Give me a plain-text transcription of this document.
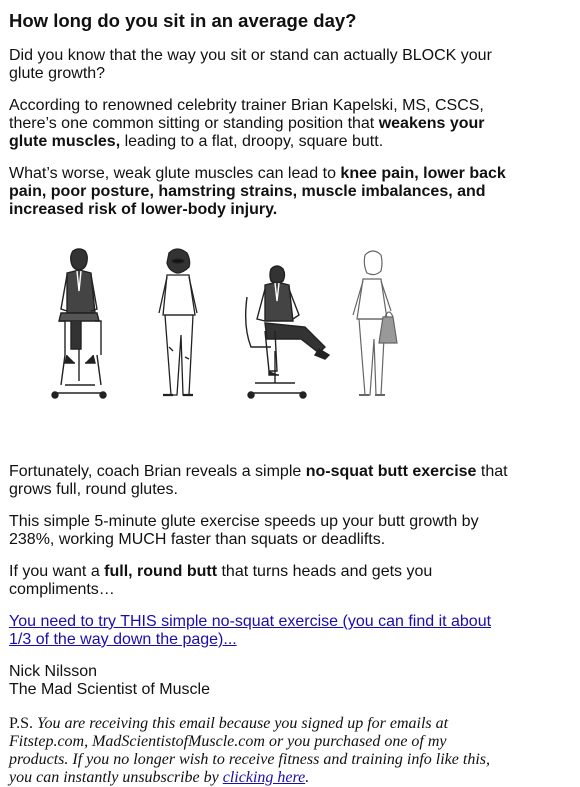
How long do you sit in an average day?

Did you know that the way you sit or stand can actually BLOCK your glute growth?

According to renowned celebrity trainer Brian Kapelski, MS, CSCS, there’s one common sitting or standing position that weakens your glute muscles, leading to a flat, droopy, square butt.

What’s worse, weak glute muscles can lead to knee pain, lower back pain, poor posture, hamstring strains, muscle imbalances, and increased risk of lower-body injury.

Fortunately, coach Brian reveals a simple no-squat butt exercise that grows full, round glutes.

This simple 5-minute glute exercise speeds up your butt growth by 238%, working MUCH faster than squats or deadlifts.

If you want a full, round butt that turns heads and gets you compliments…

You need to try THIS simple no-squat exercise (you can find it about 1/3 of the way down the page)...

Nick Nilsson

The Mad Scientist of Muscle

P.S. You are receiving this email because you signed up for emails at Fitstep.com, MadScientistofMuscle.com or you purchased one of my products. If you no longer wish to receive fitness and training info like this, you can instantly unsubscribe by clicking here.
